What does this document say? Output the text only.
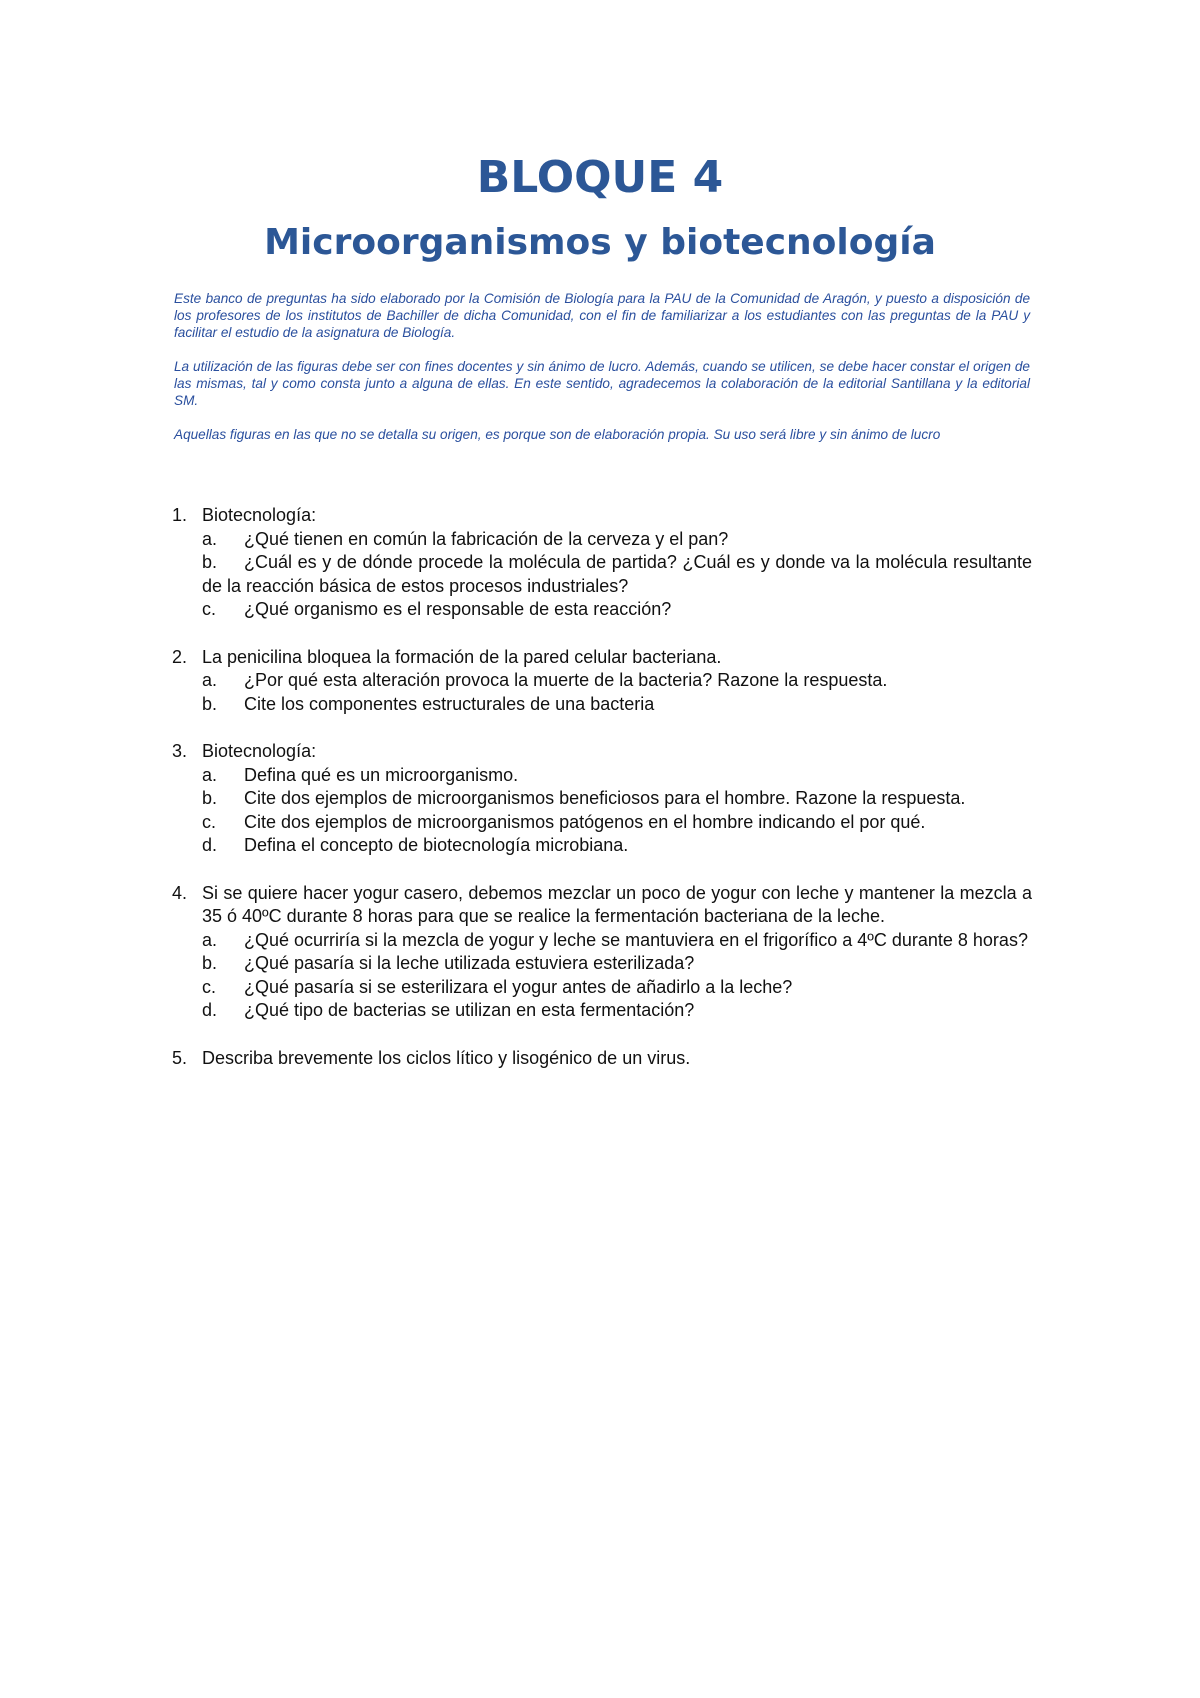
BLOQUE 4
Microorganismos y biotecnología

Este banco de preguntas ha sido elaborado por la Comisión de Biología para la PAU de la Comunidad de Aragón, y puesto a disposición de los profesores de los institutos de Bachiller de dicha Comunidad, con el fin de familiarizar a los estudiantes con las preguntas de la PAU y facilitar el estudio de la asignatura de Biología.

La utilización de las figuras debe ser con fines docentes y sin ánimo de lucro. Además, cuando se utilicen, se debe hacer constar el origen de las mismas, tal y como consta junto a alguna de ellas. En este sentido, agradecemos la colaboración de la editorial Santillana y la editorial SM.

Aquellas figuras en las que no se detalla su origen, es porque son de elaboración propia. Su uso será libre y sin ánimo de lucro

1. Biotecnología:
a. ¿Qué tienen en común la fabricación de la cerveza y el pan?
b. ¿Cuál es y de dónde procede la molécula de partida? ¿Cuál es y donde va la molécula resultante de la reacción básica de estos procesos industriales?
c. ¿Qué organismo es el responsable de esta reacción?
2. La penicilina bloquea la formación de la pared celular bacteriana.
a. ¿Por qué esta alteración provoca la muerte de la bacteria? Razone la respuesta.
b. Cite los componentes estructurales de una bacteria
3. Biotecnología:
a. Defina qué es un microorganismo.
b. Cite dos ejemplos de microorganismos beneficiosos para el hombre. Razone la respuesta.
c. Cite dos ejemplos de microorganismos patógenos en el hombre indicando el por qué.
d. Defina el concepto de biotecnología microbiana.
4. Si se quiere hacer yogur casero, debemos mezclar un poco de yogur con leche y mantener la mezcla a 35 ó 40ºC durante 8 horas para que se realice la fermentación bacteriana de la leche.
a. ¿Qué ocurriría si la mezcla de yogur y leche se mantuviera en el frigorífico a 4ºC durante 8 horas?
b. ¿Qué pasaría si la leche utilizada estuviera esterilizada?
c. ¿Qué pasaría si se esterilizara el yogur antes de añadirlo a la leche?
d. ¿Qué tipo de bacterias se utilizan en esta fermentación?
5. Describa brevemente los ciclos lítico y lisogénico de un virus.
